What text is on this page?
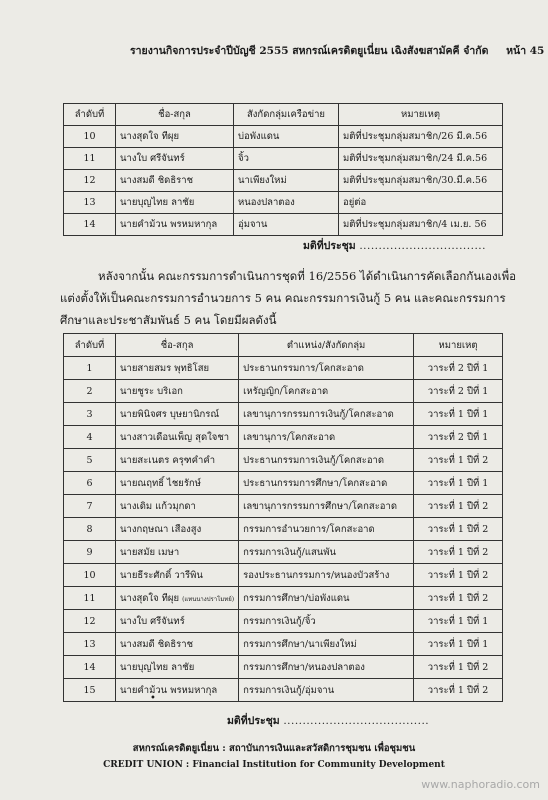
รายงานกิจการประจำปีบัญชี 2555 สหกรณ์เครดิตยูเนี่ยน เฉิงสังฆสามัคคี จำกัด หน้า 45
ลำดับที่	ชื่อ-สกุล	สังกัดกลุ่มเครือข่าย	หมายเหตุ
10	นางสุดใจ ทีผุย	บ่อพังแดน	มติที่ประชุมกลุ่มสมาชิก/26 มี.ค.56
11	นางใบ ศรีจันทร์	จิ้ว	มติที่ประชุมกลุ่มสมาชิก/24 มี.ค.56
12	นางสมดี ชิดธิราช	นาเพียงใหม่	มติที่ประชุมกลุ่มสมาชิก/30.มี.ค.56
13	นายบุญไทย ลาชัย	หนองปลาตอง	อยู่ต่อ
14	นายคำม้วน พรหมหากุล	อุ่มจาน	มติที่ประชุมกลุ่มสมาชิก/4 เม.ย. 56
มติที่ประชุม .................................

หลังจากนั้น คณะกรรมการดำเนินการชุดที่ 16/2556 ได้ดำเนินการคัดเลือกกันเองเพื่อ

แต่งตั้งให้เป็นคณะกรรมการอำนวยการ 5 คน คณะกรรมการเงินกู้ 5 คน และคณะกรรมการ

ศึกษาและประชาสัมพันธ์ 5 คน โดยมีผลดังนี้

ลำดับที่	ชื่อ-สกุล	ตำแหน่ง/สังกัดกลุ่ม	หมายเหตุ
1	นายสายสมร พุทธิโสย	ประธานกรรมการ/โคกสะอาด	วาระที่ 2 ปีที่ 1
2	นายชูระ บริเอก	เหรัญญิก/โคกสะอาด	วาระที่ 2 ปีที่ 1
3	นายพินิจศร บุษยานิกรณ์	เลขานุการกรรมการเงินกู้/โคกสะอาด	วาระที่ 1 ปีที่ 1
4	นางสาวเดือนเพ็ญ สุดใจชา	เลขานุการ/โคกสะอาด	วาระที่ 2 ปีที่ 1
5	นายสะเนตร ครุฑคำคำ	ประธานกรรมการเงินกู้/โคกสะอาด	วาระที่ 1 ปีที่ 2
6	นายณฤทธิ์ ไชยรักษ์	ประธานกรรมการศึกษา/โคกสะอาด	วาระที่ 1 ปีที่ 1
7	นางเดิม แก้วมุกดา	เลขานุการกรรมการศึกษา/โคกสะอาด	วาระที่ 1 ปีที่ 2
8	นางกฤษณา เสืองสูง	กรรมการอำนวยการ/โคกสะอาด	วาระที่ 1 ปีที่ 2
9	นายสมัย เมษา	กรรมการเงินกู้/แสนพัน	วาระที่ 1 ปีที่ 2
10	นายธีระศักดิ์ วารีพิน	รองประธานกรรมการ/หนองบัวสร้าง	วาระที่ 1 ปีที่ 2
11	นางสุดใจ ทีผุย (แทนนางปราโมทย์)	กรรมการศึกษา/บ่อพังแดน	วาระที่ 1 ปีที่ 2
12	นางใบ ศรีจันทร์	กรรมการเงินกู้/จิ้ว	วาระที่ 1 ปีที่ 1
13	นางสมดี ชิดธิราช	กรรมการศึกษา/นาเพียงใหม่	วาระที่ 1 ปีที่ 1
14	นายบุญไทย ลาชัย	กรรมการศึกษา/หนองปลาตอง	วาระที่ 1 ปีที่ 2
15	นายคำม้วน พรหมหากุล	กรรมการเงินกู้/อุ่มจาน	วาระที่ 1 ปีที่ 2
•
มติที่ประชุม ......................................
สหกรณ์เครดิตยูเนี่ยน : สถาบันการเงินและสวัสดิการชุมชน เพื่อชุมชน
CREDIT UNION : Financial Institution for Community Development
www.naphoradio.com
